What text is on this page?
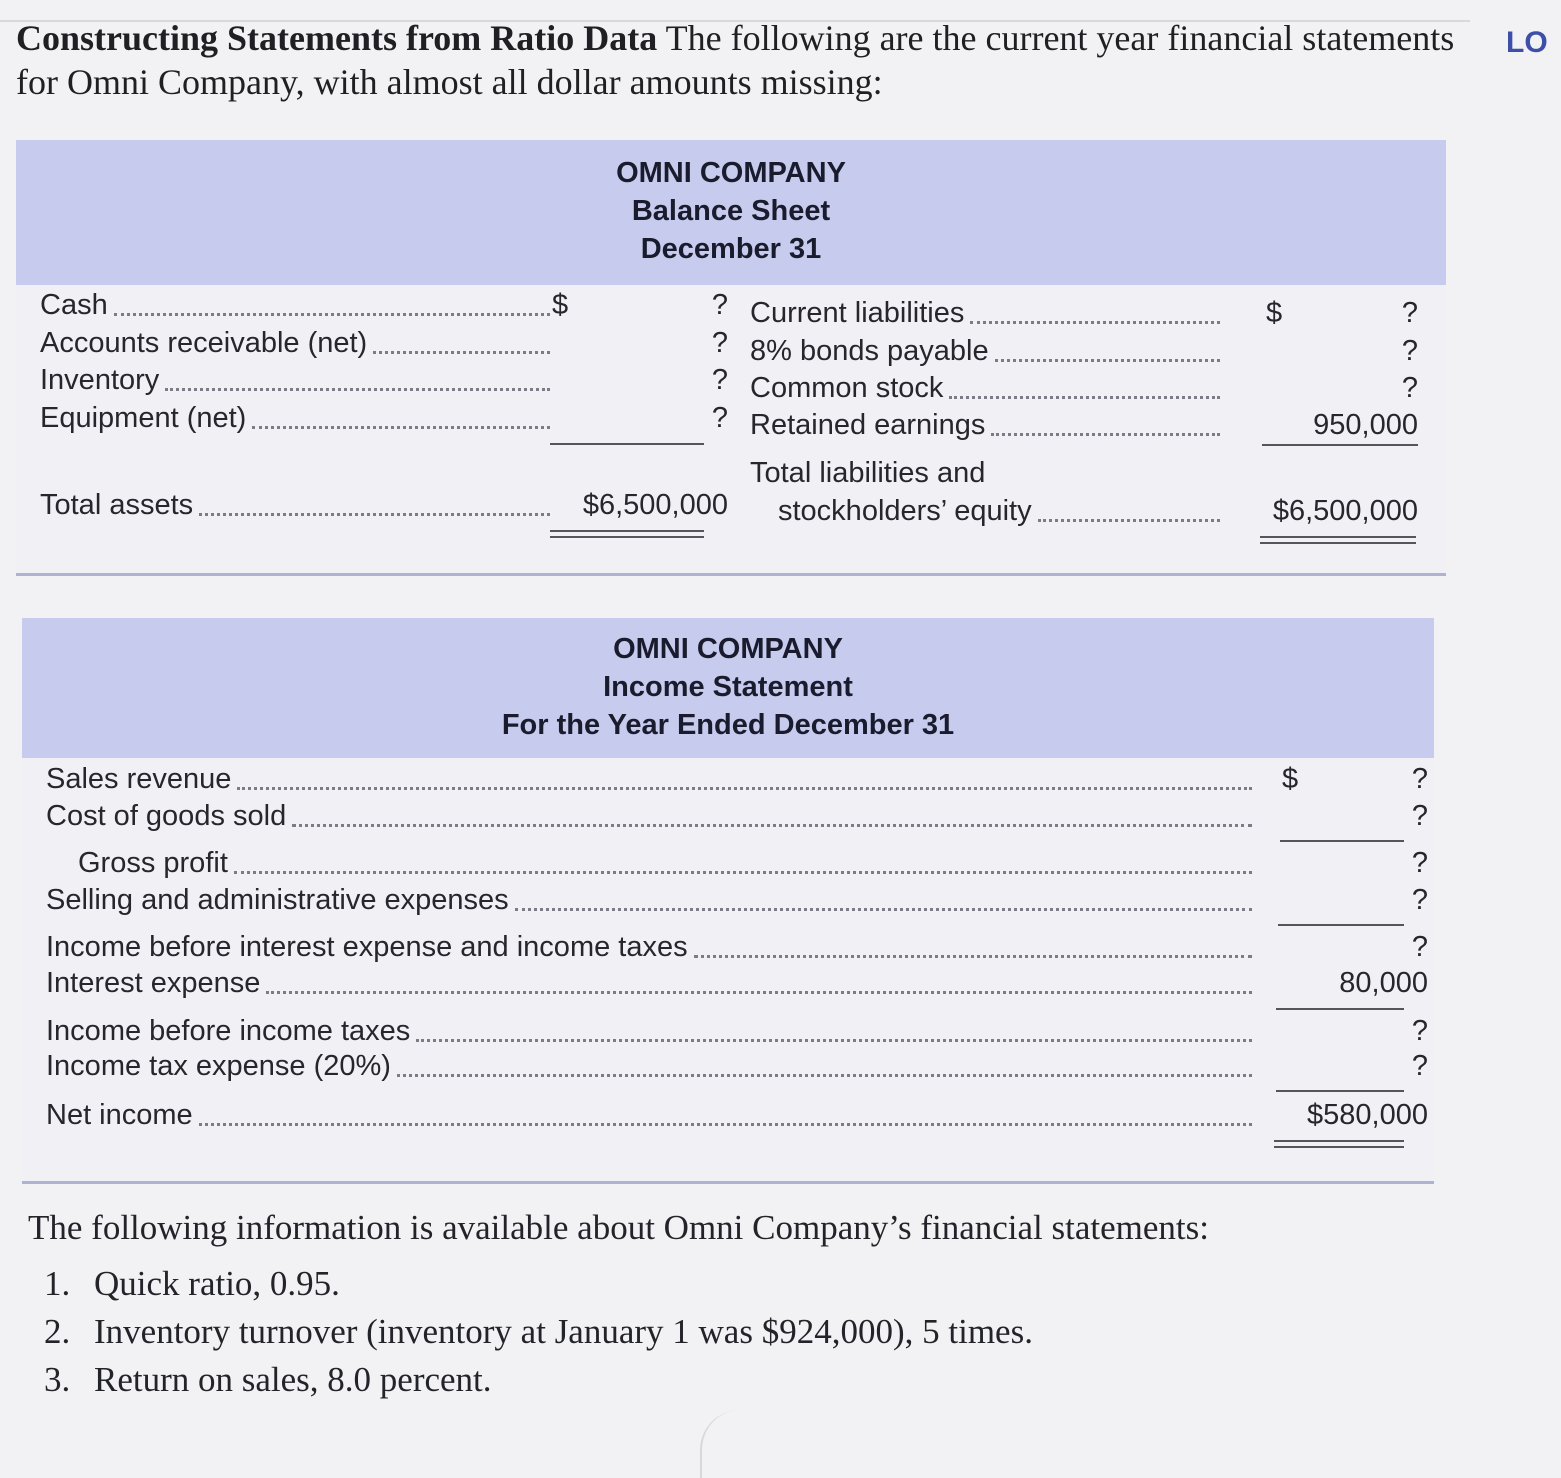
Constructing Statements from Ratio Data The following are the current year financial statements for Omni Company, with almost all dollar amounts missing:
LO
OMNI COMPANY
Balance Sheet
December 31
Cash	$	?
Accounts receivable (net)	?
Inventory	?
Equipment (net)	?
Total assets	$6,500,000
Current liabilities	$	?
8% bonds payable	?
Common stock	?
Retained earnings	950,000
Total liabilities and
stockholders’ equity	$6,500,000
OMNI COMPANY
Income Statement
For the Year Ended December 31
Sales revenue	$	?
Cost of goods sold	?
Gross profit	?
Selling and administrative expenses	?
Income before interest expense and income taxes	?
Interest expense	80,000
Income before income taxes	?
Income tax expense (20%)	?
Net income	$580,000
The following information is available about Omni Company’s financial statements:
1. Quick ratio, 0.95.
2. Inventory turnover (inventory at January 1 was $924,000), 5 times.
3. Return on sales, 8.0 percent.
